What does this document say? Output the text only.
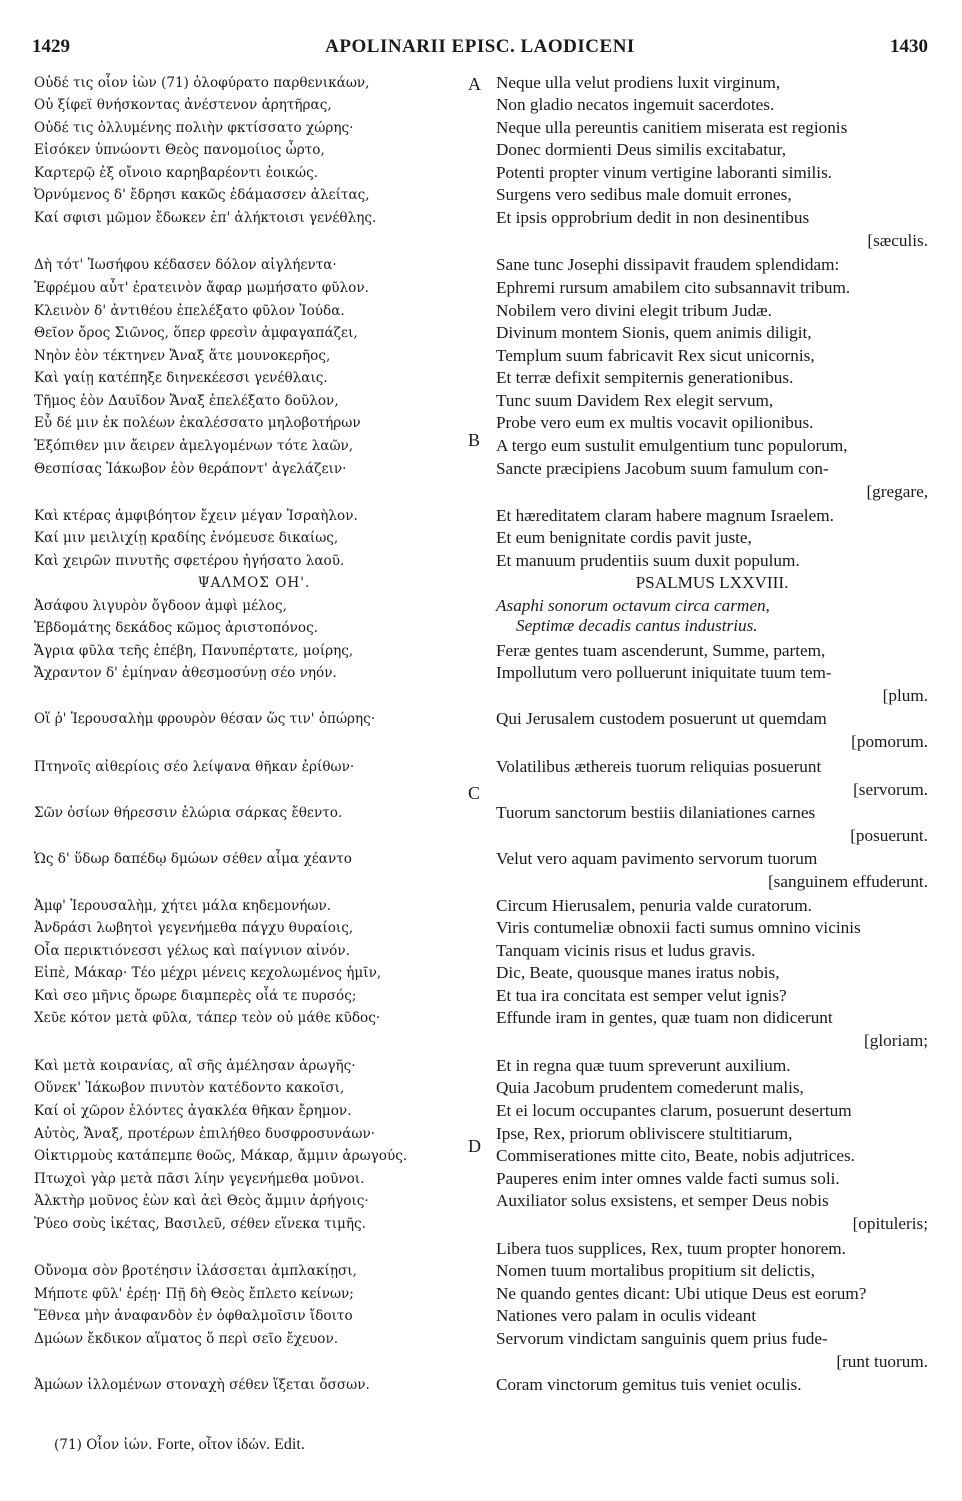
1429	APOLINARII EPISC. LAODICENI	1430
Οὐδέ τις οἷον ἰὼν (71) ὀλοφύρατο παρθενικάων,
Οὐ ξίφεϊ θνήσκοντας ἀνέστενον ἀρητῆρας,
Οὐδέ τις ὀλλυμένης πολιὴν φκτίσσατο χώρης·
Εἰσόκεν ὑπνώοντι Θεὸς πανομοίιος ὦρτο,
Καρτερῷ ἐξ οἴνοιο καρηβαρέοντι ἐοικώς.
Ὀρνύμενος δ' ἔδρησι κακῶς ἐδάμασσεν ἀλείτας,
Καί σφισι μῶμον ἔδωκεν ἐπ' ἀλήκτοισι γενέθλης.
Δὴ τότ' Ἰωσήφου κέδασεν δόλον αἰγλήεντα·
Ἐφρέμου αὖτ' ἐρατεινὸν ἄφαρ μωμήσατο φῦλον.
Κλεινὸν δ' ἀντιθέου ἐπελέξατο φῦλον Ἰούδα.
Θεῖον ὄρος Σιῶνος, ὅπερ φρεσὶν ἀμφαγαπάζει,
Νηὸν ἑὸν τέκτηνεν Ἄναξ ἅτε μουνοκερῆος,
Καὶ γαίῃ κατέπηξε διηνεκέεσσι γενέθλαις.
Τῆμος ἑὸν Δαυῖδον Ἄναξ ἐπελέξατο δοῦλον,
Εὖ δέ μιν ἐκ πολέων ἐκαλέσσατο μηλοβοτήρων
Ἐξόπιθεν μιν ἄειρεν ἀμελγομένων τότε λαῶν,
Θεσπίσας Ἰάκωβον ἑὸν θεράποντ' ἀγελάζειν·
Καὶ κτέρας ἀμφιβόητον ἔχειν μέγαν Ἰσραὴλον.
Καί μιν μειλιχίῃ κραδίης ἐνόμευσε δικαίως,
Καὶ χειρῶν πινυτῆς σφετέρου ἡγήσατο λαοῦ.
ΨΑΛΜΟΣ ΟΗ'.
Ἀσάφου λιγυρὸν ὄγδοον ἀμφὶ μέλος,
Ἑβδομάτης δεκάδος κῶμος ἀριστοπόνος.
Ἄγρια φῦλα τεῆς ἐπέβη, Πανυπέρτατε, μοίρης,
Ἄχραντον δ' ἐμίηναν ἀθεσμοσύνῃ σέο νηόν.
Οἵ ῥ' Ἱερουσαλὴμ φρουρὸν θέσαν ὥς τιν' ὀπώρης·
Πτηνοῖς αἰθερίοις σέο λείψανα θῆκαν ἐρίθων·
Σῶν ὁσίων θήρεσσιν ἑλώρια σάρκας ἔθεντο.
Ὡς δ' ὕδωρ δαπέδῳ δμώων σέθεν αἷμα χέαντο
Ἀμφ' Ἱερουσαλὴμ, χήτει μάλα κηδεμονήων.
Ἀνδράσι λωβητοὶ γεγενήμεθα πάγχυ θυραίοις,
Οἷα περικτιόνεσσι γέλως καὶ παίγνιον αἰνόν.
Εἰπὲ, Μάκαρ· Τέο μέχρι μένεις κεχολωμένος ἡμῖν,
Καὶ σεο μῆνις ὄρωρε διαμπερὲς οἷά τε πυρσός;
Χεῦε κότον μετὰ φῦλα, τάπερ τεὸν οὐ μάθε κῦδος·
Καὶ μετὰ κοιρανίας, αἳ σῆς ἀμέλησαν ἀρωγῆς·
Οὕνεκ' Ἰάκωβον πινυτὸν κατέδοντο κακοῖσι,
Καί οἱ χῶρον ἑλόντες ἀγακλέα θῆκαν ἔρημον.
Αὐτὸς, Ἄναξ, προτέρων ἐπιλήθεο δυσφροσυνάων·
Οἰκτιρμοὺς κατάπεμπε θοῶς, Μάκαρ, ἄμμιν ἀρωγούς.
Πτωχοὶ γὰρ μετὰ πᾶσι λίην γεγενήμεθα μοῦνοι.
Ἀλκτὴρ μοῦνος ἐὼν καὶ ἀεὶ Θεὸς ἄμμιν ἀρήγοις·
Ῥύεο σοὺς ἱκέτας, Βασιλεῦ, σέθεν εἵνεκα τιμῆς.
Οὔνομα σὸν βροτέησιν ἱλάσσεται ἀμπλακίῃσι,
Μήποτε φῦλ' ἐρέῃ· Πῇ δὴ Θεὸς ἔπλετο κείνων;
Ἔθνεα μὴν ἀναφανδὸν ἐν ὀφθαλμοῖσιν ἴδοιτο
Δμώων ἔκδικον αἵματος ὅ περὶ σεῖο ἔχευον.
Ἀμώων ἰλλομένων στοναχὴ σέθεν ἵξεται ὄσσων.
A
B
C
D
Neque ulla velut prodiens luxit virginum,
Non gladio necatos ingemuit sacerdotes.
Neque ulla pereuntis canitiem miserata est regionis
Donec dormienti Deus similis excitabatur,
Potenti propter vinum vertigine laboranti similis.
Surgens vero sedibus male domuit errones,
Et ipsis opprobrium dedit in non desinentibus
[sæculis.
Sane tunc Josephi dissipavit fraudem splendidam:
Ephremi rursum amabilem cito subsannavit tribum.
Nobilem vero divini elegit tribum Judæ.
Divinum montem Sionis, quem animis diligit,
Templum suum fabricavit Rex sicut unicornis,
Et terræ defixit sempiternis generationibus.
Tunc suum Davidem Rex elegit servum,
Probe vero eum ex multis vocavit opilionibus.
A tergo eum sustulit emulgentium tunc populorum,
Sancte præcipiens Jacobum suum famulum con-
[gregare,
Et hæreditatem claram habere magnum Israelem.
Et eum benignitate cordis pavit juste,
Et manuum prudentiis suum duxit populum.
PSALMUS LXXVIII.
Asaphi sonorum octavum circa carmen,
Septimæ decadis cantus industrius.
Feræ gentes tuam ascenderunt, Summe, partem,
Impollutum vero polluerunt iniquitate tuum tem-
[plum.
Qui Jerusalem custodem posuerunt ut quemdam
[pomorum.
Volatilibus æthereis tuorum reliquias posuerunt
[servorum.
Tuorum sanctorum bestiis dilaniationes carnes
[posuerunt.
Velut vero aquam pavimento servorum tuorum
[sanguinem effuderunt.
Circum Hierusalem, penuria valde curatorum.
Viris contumeliæ obnoxii facti sumus omnino vicinis
Tanquam vicinis risus et ludus gravis.
Dic, Beate, quousque manes iratus nobis,
Et tua ira concitata est semper velut ignis?
Effunde iram in gentes, quæ tuam non didicerunt
[gloriam;
Et in regna quæ tuum spreverunt auxilium.
Quia Jacobum prudentem comederunt malis,
Et ei locum occupantes clarum, posuerunt desertum
Ipse, Rex, priorum obliviscere stultitiarum,
Commiserationes mitte cito, Beate, nobis adjutrices.
Pauperes enim inter omnes valde facti sumus soli.
Auxiliator solus exsistens, et semper Deus nobis
[opituleris;
Libera tuos supplices, Rex, tuum propter honorem.
Nomen tuum mortalibus propitium sit delictis,
Ne quando gentes dicant: Ubi utique Deus est eorum?
Nationes vero palam in oculis videant
Servorum vindictam sanguinis quem prius fude-
[runt tuorum.
Coram vinctorum gemitus tuis veniet oculis.
(71) Οἷον ἰών. Forte, οἶτον ἰδών. Edit.
